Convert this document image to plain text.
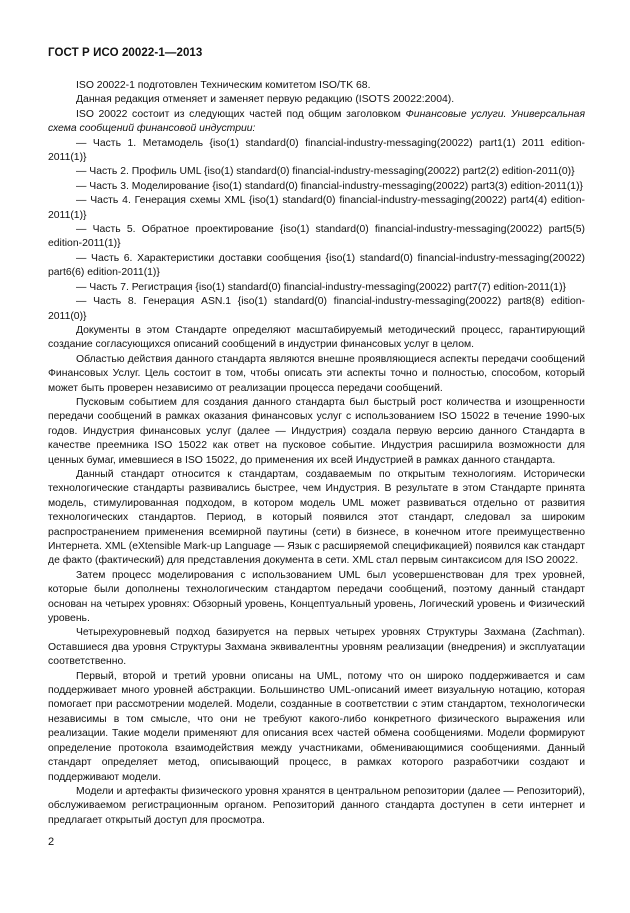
ГОСТ Р ИСО 20022-1—2013

ISO 20022-1 подготовлен Техническим комитетом ISO/TK 68.

Данная редакция отменяет и заменяет первую редакцию (ISOTS 20022:2004).

ISO 20022 состоит из следующих частей под общим заголовком Финансовые услуги. Универсальная схема сообщений финансовой индустрии:

— Часть 1. Метамодель {iso(1) standard(0) financial-industry-messaging(20022) part1(1) 2011 edition-2011(1)}

— Часть 2. Профиль UML {iso(1) standard(0) financial-industry-messaging(20022) part2(2) edition-2011(0)}

— Часть 3. Моделирование {iso(1) standard(0) financial-industry-messaging(20022) part3(3) edition-2011(1)}

— Часть 4. Генерация схемы XML {iso(1) standard(0) financial-industry-messaging(20022) part4(4) edition-2011(1)}

— Часть 5. Обратное проектирование {iso(1) standard(0) financial-industry-messaging(20022) part5(5) edition-2011(1)}

— Часть 6. Характеристики доставки сообщения {iso(1) standard(0) financial-industry-messaging(20022) part6(6) edition-2011(1)}

— Часть 7. Регистрация {iso(1) standard(0) financial-industry-messaging(20022) part7(7) edition-2011(1)}

— Часть 8. Генерация ASN.1 {iso(1) standard(0) financial-industry-messaging(20022) part8(8) edition-2011(0)}

Документы в этом Стандарте определяют масштабируемый методический процесс, гарантирующий создание согласующихся описаний сообщений в индустрии финансовых услуг в целом.

Областью действия данного стандарта являются внешне проявляющиеся аспекты передачи сообщений Финансовых Услуг. Цель состоит в том, чтобы описать эти аспекты точно и полностью, способом, который может быть проверен независимо от реализации процесса передачи сообщений.

Пусковым событием для создания данного стандарта был быстрый рост количества и изощренности передачи сообщений в рамках оказания финансовых услуг с использованием ISO 15022 в течение 1990-ых годов. Индустрия финансовых услуг (далее — Индустрия) создала первую версию данного Стандарта в качестве преемника ISO 15022 как ответ на пусковое событие. Индустрия расширила возможности для ценных бумаг, имевшиеся в ISO 15022, до применения их всей Индустрией в рамках данного стандарта.

Данный стандарт относится к стандартам, создаваемым по открытым технологиям. Исторически технологические стандарты развивались быстрее, чем Индустрия. В результате в этом Стандарте принята модель, стимулированная подходом, в котором модель UML может развиваться отдельно от развития технологических стандартов. Период, в который появился этот стандарт, следовал за широким распространением применения всемирной паутины (сети) в бизнесе, в конечном итоге преимущественно Интернета. XML (eXtensible Mark-up Language — Язык с расширяемой спецификацией) появился как стандарт де факто (фактический) для представления документа в сети. XML стал первым синтаксисом для ISO 20022.

Затем процесс моделирования с использованием UML был усовершенствован для трех уровней, которые были дополнены технологическим стандартом передачи сообщений, поэтому данный стандарт основан на четырех уровнях: Обзорный уровень, Концептуальный уровень, Логический уровень и Физический уровень.

Четырехуровневый подход базируется на первых четырех уровнях Структуры Захмана (Zachman). Оставшиеся два уровня Структуры Захмана эквивалентны уровням реализации (внедрения) и эксплуатации соответственно.

Первый, второй и третий уровни описаны на UML, потому что он широко поддерживается и сам поддерживает много уровней абстракции. Большинство UML-описаний имеет визуальную нотацию, которая помогает при рассмотрении моделей. Модели, созданные в соответствии с этим стандартом, технологически независимы в том смысле, что они не требуют какого-либо конкретного физического выражения или реализации. Такие модели применяют для описания всех частей обмена сообщениями. Модели формируют определение протокола взаимодействия между участниками, обменивающимися сообщениями. Данный стандарт определяет метод, описывающий процесс, в рамках которого разработчики создают и поддерживают модели.

Модели и артефакты физического уровня хранятся в центральном репозитории (далее — Репозиторий), обслуживаемом регистрационным органом. Репозиторий данного стандарта доступен в сети интернет и предлагает открытый доступ для просмотра.

2
